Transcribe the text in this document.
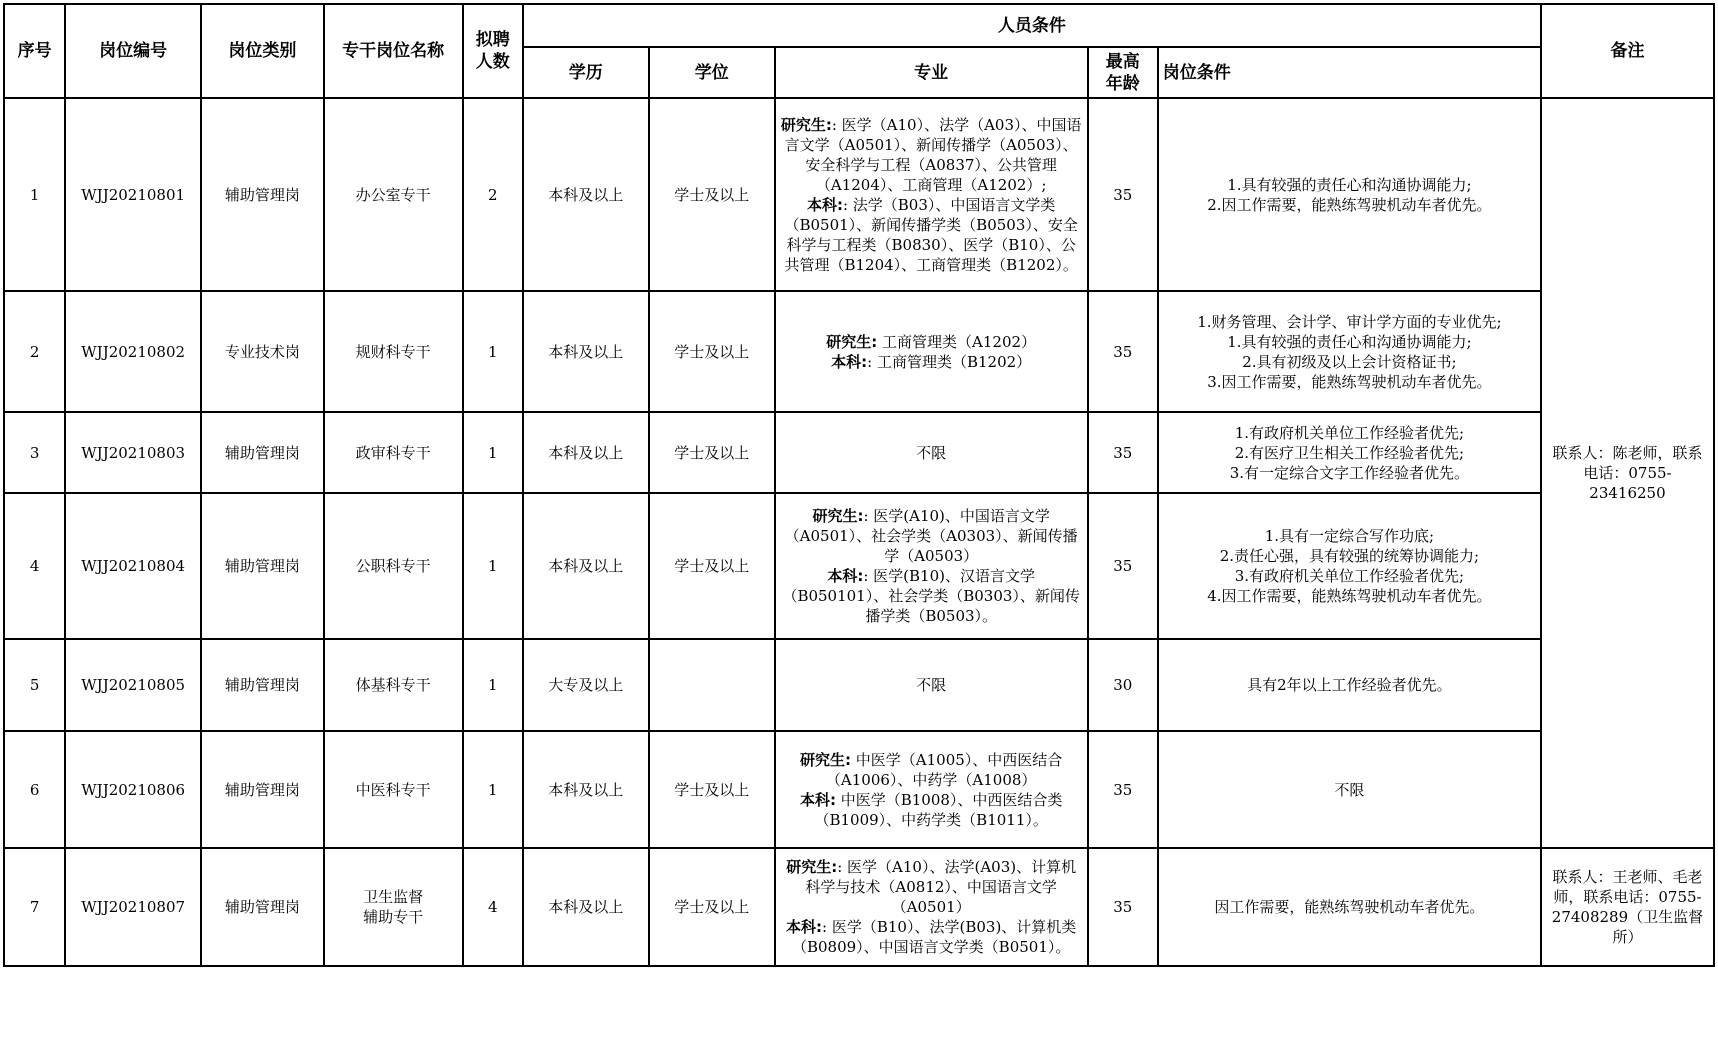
序号	岗位编号	岗位类别	专干岗位名称	拟聘人数	人员条件					备注
					学历	学位	专业	最高年龄	岗位条件	
1	WJJ20210801	辅助管理岗	办公室专干	2	本科及以上	学士及以上	研究生:: 医学（A10）、法学（A03）、中国语言文学（A0501）、新闻传播学（A0503）、安全科学与工程（A0837）、公共管理（A1204）、工商管理（A1202）;
本科:: 法学（B03）、中国语言文学类（B0501）、新闻传播学类（B0503）、安全科学与工程类（B0830）、医学（B10）、公共管理（B1204）、工商管理类（B1202）。	35	1.具有较强的责任心和沟通协调能力;
2.因工作需要，能熟练驾驶机动车者优先。	联系人：陈老师，联系电话：0755-23416250
2	WJJ20210802	专业技术岗	规财科专干	1	本科及以上	学士及以上	研究生: 工商管理类（A1202）
本科:: 工商管理类（B1202）	35	1.财务管理、会计学、审计学方面的专业优先;
1.具有较强的责任心和沟通协调能力;
2.具有初级及以上会计资格证书;
3.因工作需要，能熟练驾驶机动车者优先。	

3	WJJ20210803	辅助管理岗	政审科专干	1	本科及以上	学士及以上	不限	35	1.有政府机关单位工作经验者优先;
2.有医疗卫生相关工作经验者优先;
3.有一定综合文字工作经验者优先。	

4	WJJ20210804	辅助管理岗	公职科专干	1	本科及以上	学士及以上	研究生:: 医学(A10)、中国语言文学（A0501）、社会学类（A0303）、新闻传播学（A0503）
本科:: 医学(B10)、汉语言文学（B050101）、社会学类（B0303）、新闻传播学类（B0503）。	35	1.具有一定综合写作功底;
2.责任心强，具有较强的统筹协调能力;
3.有政府机关单位工作经验者优先;
4.因工作需要，能熟练驾驶机动车者优先。	

5	WJJ20210805	辅助管理岗	体基科专干	1	大专及以上		不限	30	具有2年以上工作经验者优先。	

6	WJJ20210806	辅助管理岗	中医科专干	1	本科及以上	学士及以上	研究生: 中医学（A1005）、中西医结合（A1006）、中药学（A1008）
本科: 中医学（B1008）、中西医结合类（B1009）、中药学类（B1011）。	35	不限	

7	WJJ20210807	辅助管理岗	卫生监督辅助专干	4	本科及以上	学士及以上	研究生:: 医学（A10）、法学(A03)、计算机科学与技术（A0812）、中国语言文学（A0501）
本科:: 医学（B10）、法学(B03)、计算机类（B0809）、中国语言文学类（B0501）。	35	因工作需要，能熟练驾驶机动车者优先。	联系人：王老师、毛老师，联系电话：0755-27408289（卫生监督所）
